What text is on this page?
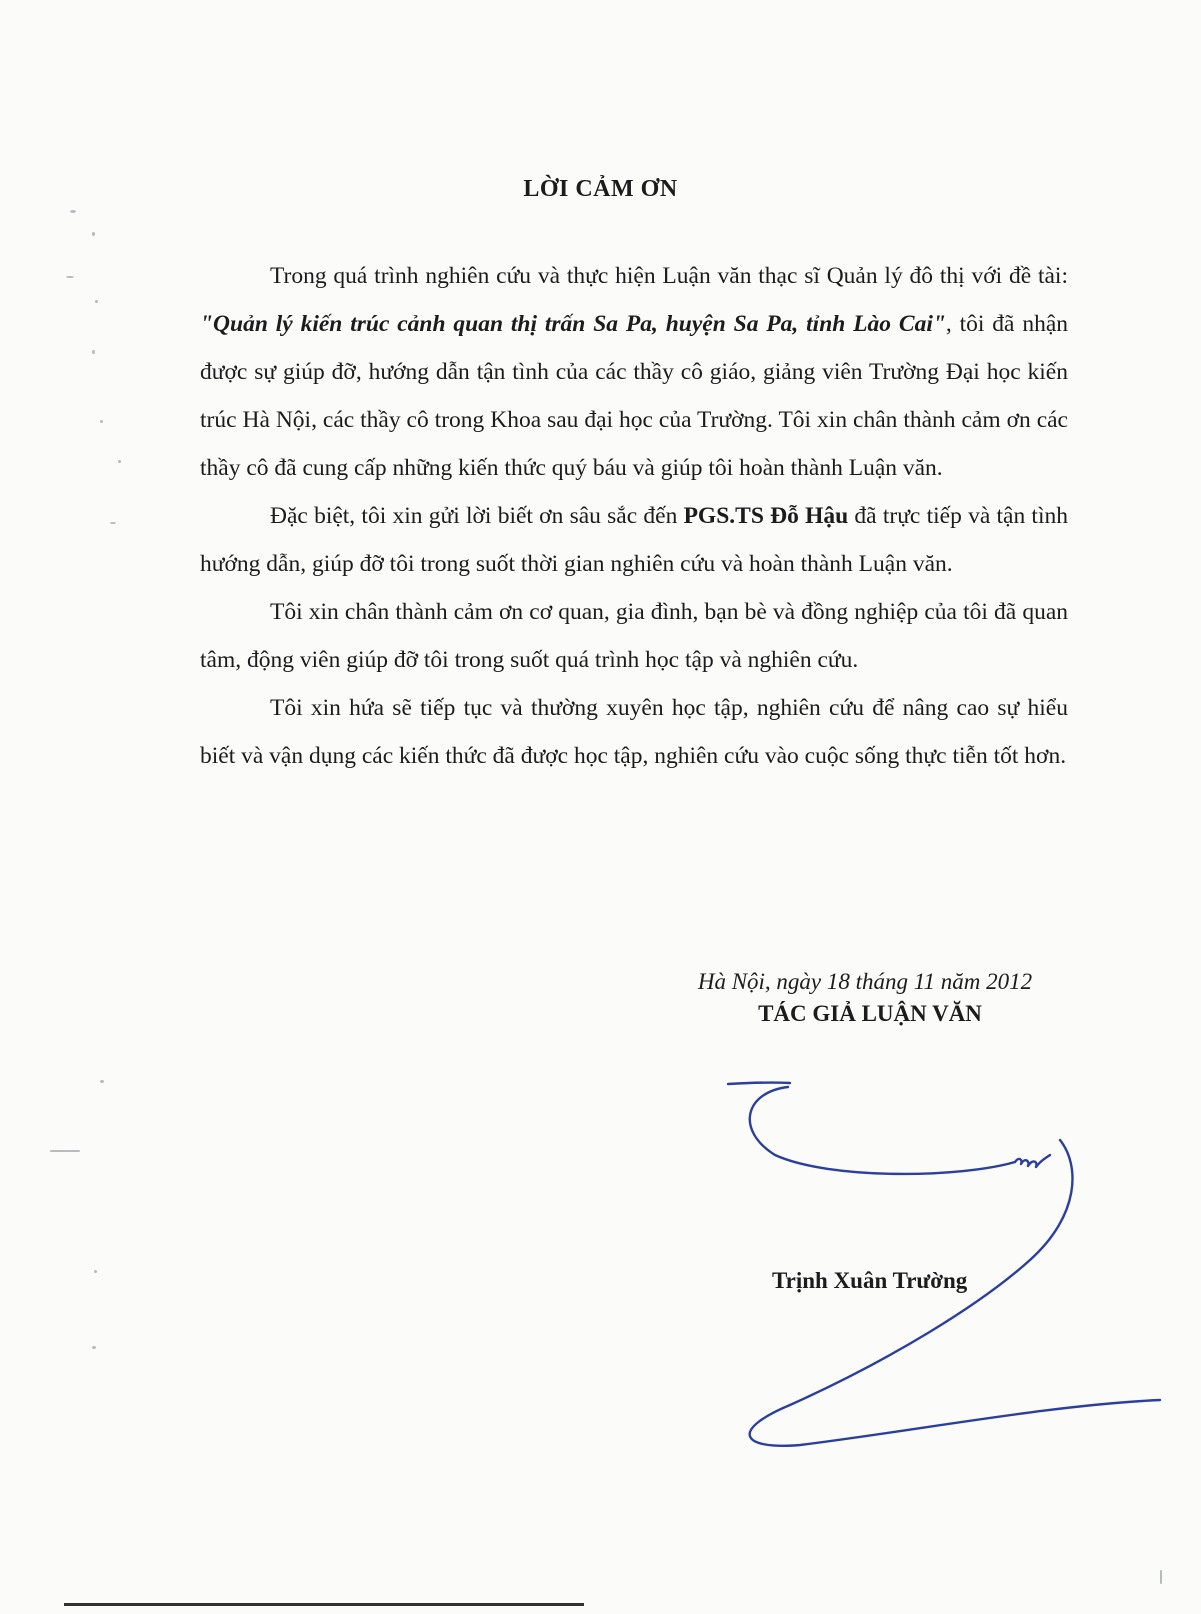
LỜI CẢM ƠN

Trong quá trình nghiên cứu và thực hiện Luận văn thạc sĩ Quản lý đô thị với đề tài: "Quản lý kiến trúc cảnh quan thị trấn Sa Pa, huyện Sa Pa, tỉnh Lào Cai", tôi đã nhận được sự giúp đỡ, hướng dẫn tận tình của các thầy cô giáo, giảng viên Trường Đại học kiến trúc Hà Nội, các thầy cô trong Khoa sau đại học của Trường. Tôi xin chân thành cảm ơn các thầy cô đã cung cấp những kiến thức quý báu và giúp tôi hoàn thành Luận văn.

Đặc biệt, tôi xin gửi lời biết ơn sâu sắc đến PGS.TS Đỗ Hậu đã trực tiếp và tận tình hướng dẫn, giúp đỡ tôi trong suốt thời gian nghiên cứu và hoàn thành Luận văn.

Tôi xin chân thành cảm ơn cơ quan, gia đình, bạn bè và đồng nghiệp của tôi đã quan tâm, động viên giúp đỡ tôi trong suốt quá trình học tập và nghiên cứu.

Tôi xin hứa sẽ tiếp tục và thường xuyên học tập, nghiên cứu để nâng cao sự hiểu biết và vận dụng các kiến thức đã được học tập, nghiên cứu vào cuộc sống thực tiễn tốt hơn.

Hà Nội, ngày 18 tháng 11 năm 2012
TÁC GIẢ LUẬN VĂN
Trịnh Xuân Trường
